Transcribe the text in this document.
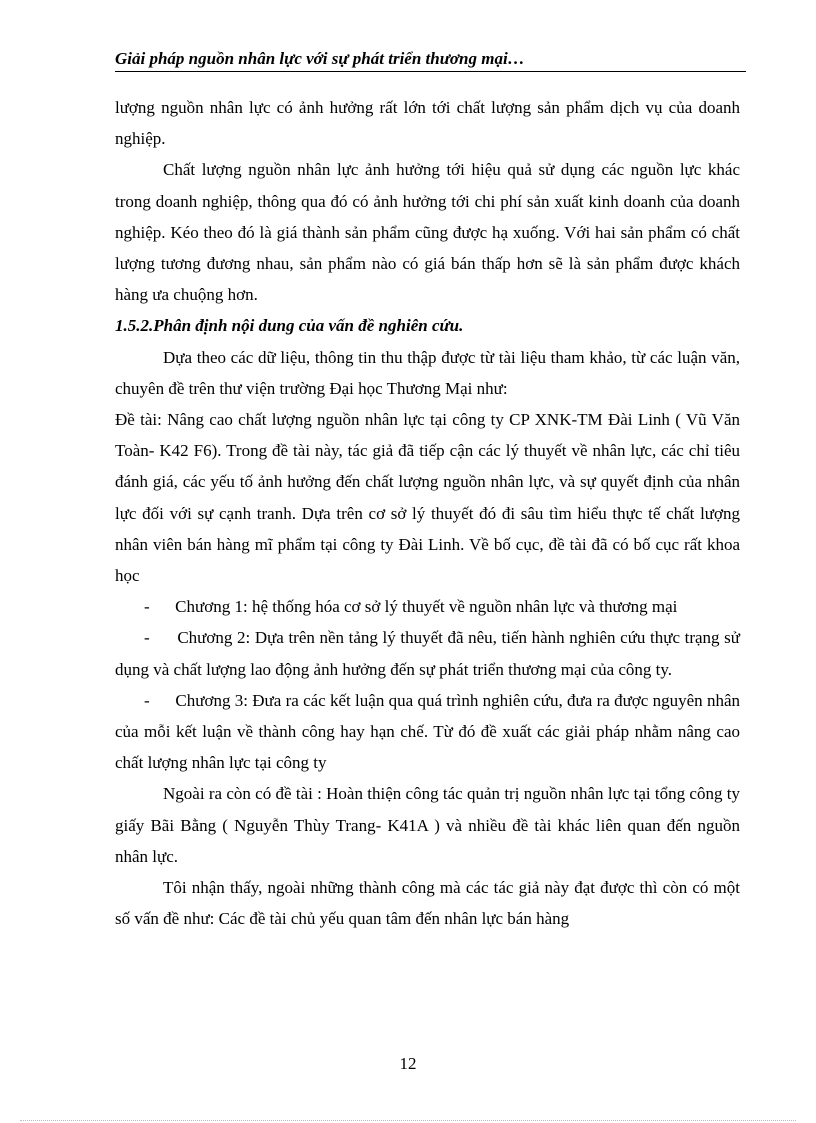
Giải pháp nguồn nhân lực với sự phát triển thương mại…

lượng nguồn nhân lực có ảnh hưởng rất lớn tới chất lượng sản phẩm dịch vụ của doanh nghiệp.

Chất lượng nguồn nhân lực ảnh hưởng tới hiệu quả sử dụng các nguồn lực khác trong doanh nghiệp, thông qua đó có ảnh hưởng tới chi phí sản xuất kinh doanh của doanh nghiệp. Kéo theo đó là giá thành sản phẩm cũng được hạ xuống. Với hai sản phẩm có chất lượng tương đương nhau, sản phẩm nào có giá bán thấp hơn sẽ là sản phẩm được khách hàng ưa chuộng hơn.

1.5.2.Phân định nội dung của vấn đề nghiên cứu.

Dựa theo các dữ liệu, thông tin thu thập được từ tài liệu tham khảo, từ các luận văn, chuyên đề trên thư viện trường Đại học Thương Mại như:

Đề tài: Nâng cao chất lượng nguồn nhân lực tại công ty CP XNK-TM Đài Linh ( Vũ Văn Toàn- K42 F6). Trong đề tài này, tác giả đã tiếp cận các lý thuyết về nhân lực, các chỉ tiêu đánh giá, các yếu tố ảnh hưởng đến chất lượng nguồn nhân lực, và sự quyết định của nhân lực đối với sự cạnh tranh. Dựa trên cơ sở lý thuyết đó đi sâu tìm hiểu thực tế chất lượng nhân viên bán hàng mĩ phẩm tại công ty Đài Linh. Về bố cục, đề tài đã có bố cục rất khoa học

- Chương 1: hệ thống hóa cơ sở lý thuyết về nguồn nhân lực và thương mại

- Chương 2: Dựa trên nền tảng lý thuyết đã nêu, tiến hành nghiên cứu thực trạng sử dụng và chất lượng lao động ảnh hưởng đến sự phát triển thương mại của công ty.

- Chương 3: Đưa ra các kết luận qua quá trình nghiên cứu, đưa ra được nguyên nhân của mỗi kết luận về thành công hay hạn chế. Từ đó đề xuất các giải pháp nhằm nâng cao chất lượng nhân lực tại công ty

Ngoài ra còn có đề tài : Hoàn thiện công tác quản trị nguồn nhân lực tại tổng công ty giấy Bãi Bằng ( Nguyễn Thùy Trang- K41A ) và nhiều đề tài khác liên quan đến nguồn nhân lực.

Tôi nhận thấy, ngoài những thành công mà các tác giả này đạt được thì còn có một số vấn đề như: Các đề tài chủ yếu quan tâm đến nhân lực bán hàng

12
